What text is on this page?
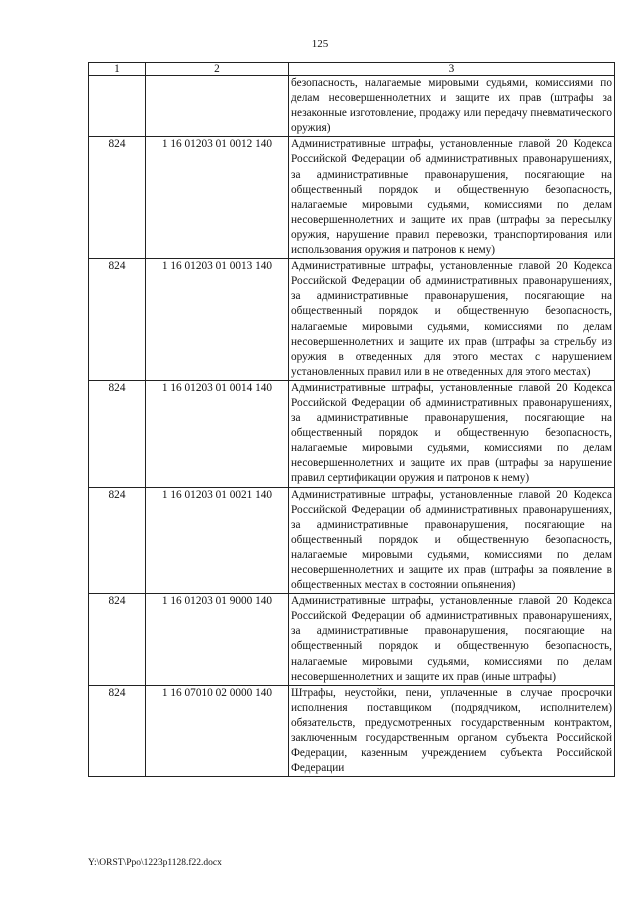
125
1	2	3
		безопасность, налагаемые мировыми судьями, комиссиями по делам несовершеннолетних и защите их прав (штрафы за незаконные изготовление, продажу или передачу пневматического оружия)
824	1 16 01203 01 0012 140	Административные штрафы, установленные главой 20 Кодекса Российской Федерации об административных правонарушениях, за административные правонарушения, посягающие на общественный порядок и общественную безопасность, налагаемые мировыми судьями, комиссиями по делам несовершеннолетних и защите их прав (штрафы за пересылку оружия, нарушение правил перевозки, транспортирования или использования оружия и патронов к нему)
824	1 16 01203 01 0013 140	Административные штрафы, установленные главой 20 Кодекса Российской Федерации об административных правонарушениях, за административные правонарушения, посягающие на общественный порядок и общественную безопасность, налагаемые мировыми судьями, комиссиями по делам несовершеннолетних и защите их прав (штрафы за стрельбу из оружия в отведенных для этого местах с нарушением установленных правил или в не отведенных для этого местах)
824	1 16 01203 01 0014 140	Административные штрафы, установленные главой 20 Кодекса Российской Федерации об административных правонарушениях, за административные правонарушения, посягающие на общественный порядок и общественную безопасность, налагаемые мировыми судьями, комиссиями по делам несовершеннолетних и защите их прав (штрафы за нарушение правил сертификации оружия и патронов к нему)
824	1 16 01203 01 0021 140	Административные штрафы, установленные главой 20 Кодекса Российской Федерации об административных правонарушениях, за административные правонарушения, посягающие на общественный порядок и общественную безопасность, налагаемые мировыми судьями, комиссиями по делам несовершеннолетних и защите их прав (штрафы за появление в общественных местах в состоянии опьянения)
824	1 16 01203 01 9000 140	Административные штрафы, установленные главой 20 Кодекса Российской Федерации об административных правонарушениях, за административные правонарушения, посягающие на общественный порядок и общественную безопасность, налагаемые мировыми судьями, комиссиями по делам несовершеннолетних и защите их прав (иные штрафы)
824	1 16 07010 02 0000 140	Штрафы, неустойки, пени, уплаченные в случае просрочки исполнения поставщиком (подрядчиком, исполнителем) обязательств, предусмотренных государственным контрактом, заключенным государственным органом субъекта Российской Федерации, казенным учреждением субъекта Российской Федерации
Y:\ORST\Ppo\1223p1128.f22.docx
